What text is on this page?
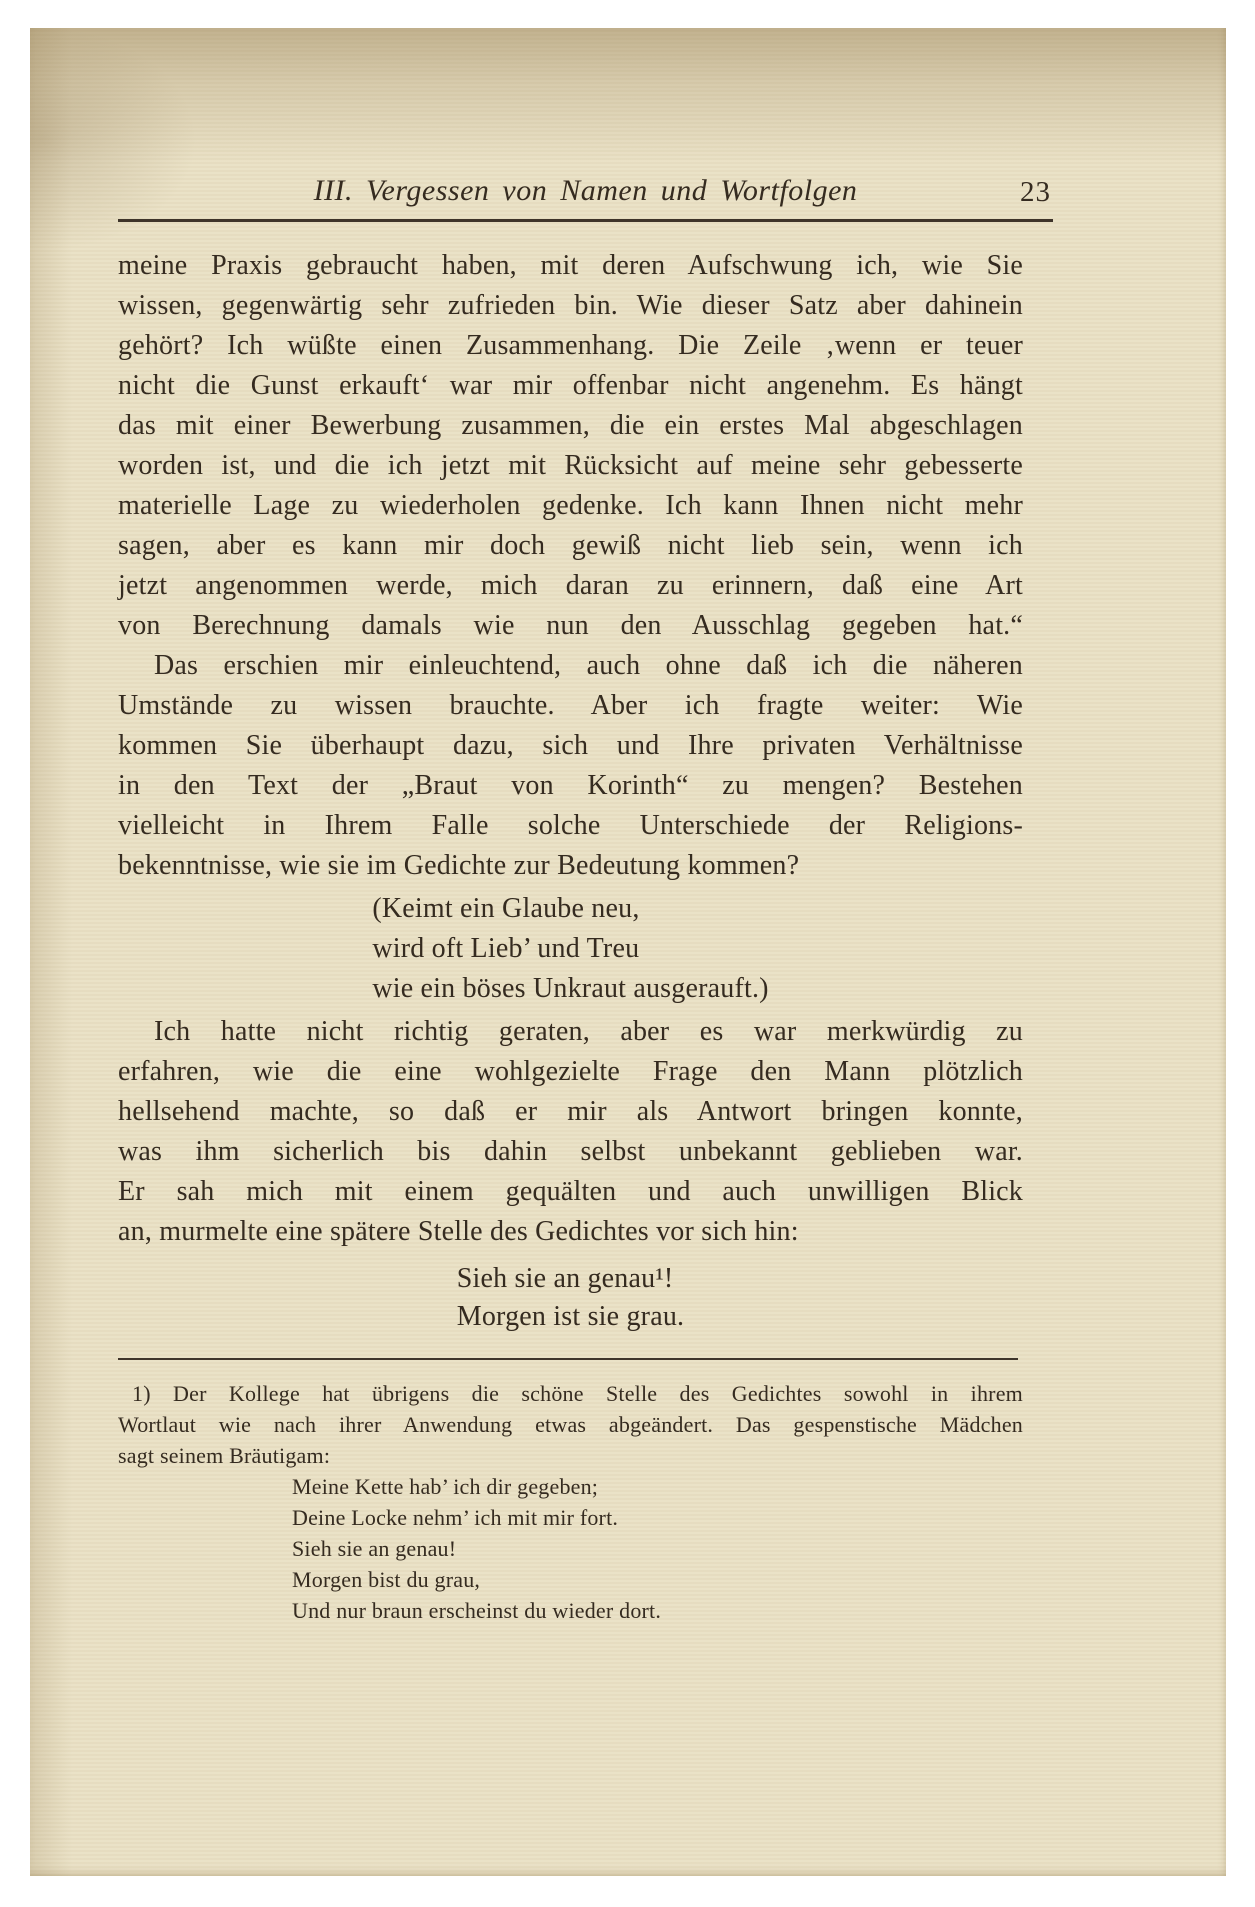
III. Vergessen von Namen und Wortfolgen	23
meine Praxis gebraucht haben, mit deren Aufschwung ich, wie Sie
wissen, gegenwärtig sehr zufrieden bin. Wie dieser Satz aber dahinein
gehört? Ich wüßte einen Zusammenhang. Die Zeile ‚wenn er teuer
nicht die Gunst erkauft‘ war mir offenbar nicht angenehm. Es hängt
das mit einer Bewerbung zusammen, die ein erstes Mal abgeschlagen
worden ist, und die ich jetzt mit Rücksicht auf meine sehr gebesserte
materielle Lage zu wiederholen gedenke. Ich kann Ihnen nicht mehr
sagen, aber es kann mir doch gewiß nicht lieb sein, wenn ich
jetzt angenommen werde, mich daran zu erinnern, daß eine Art
von Berechnung damals wie nun den Ausschlag gegeben hat.“
Das erschien mir einleuchtend, auch ohne daß ich die näheren
Umstände zu wissen brauchte. Aber ich fragte weiter: Wie
kommen Sie überhaupt dazu, sich und Ihre privaten Verhältnisse
in den Text der „Braut von Korinth“ zu mengen? Bestehen
vielleicht in Ihrem Falle solche Unterschiede der Religions-
bekenntnisse, wie sie im Gedichte zur Bedeutung kommen?
(Keimt ein Glaube neu,
wird oft Lieb’ und Treu
wie ein böses Unkraut ausgerauft.)
Ich hatte nicht richtig geraten, aber es war merkwürdig zu
erfahren, wie die eine wohlgezielte Frage den Mann plötzlich
hellsehend machte, so daß er mir als Antwort bringen konnte,
was ihm sicherlich bis dahin selbst unbekannt geblieben war.
Er sah mich mit einem gequälten und auch unwilligen Blick
an, murmelte eine spätere Stelle des Gedichtes vor sich hin:
Sieh sie an genau¹!
Morgen ist sie grau.
1) Der Kollege hat übrigens die schöne Stelle des Gedichtes sowohl in ihrem
Wortlaut wie nach ihrer Anwendung etwas abgeändert. Das gespenstische Mädchen
sagt seinem Bräutigam:
Meine Kette hab’ ich dir gegeben;
Deine Locke nehm’ ich mit mir fort.
Sieh sie an genau!
Morgen bist du grau,
Und nur braun erscheinst du wieder dort.
